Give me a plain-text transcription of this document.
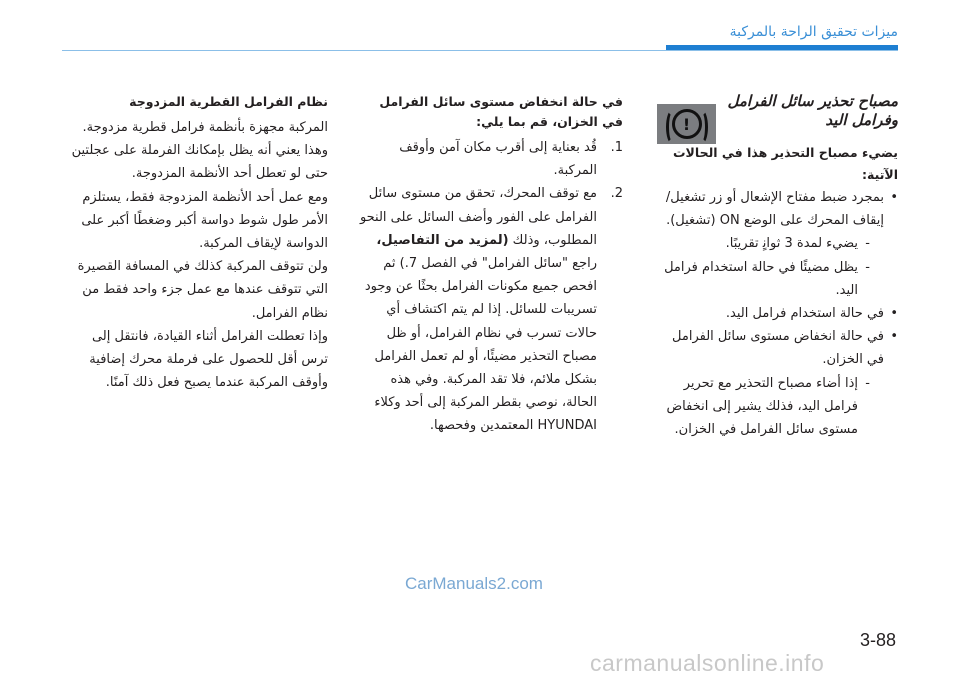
ﻣﻴﺰات ﺗﺤﻘﻴﻖ اﻟﺮاﺣﺔ ﺑﺎﻟﻤﺮﻛﺒﺔ

ﻣﺼﺒﺎح ﺗﺤﺬﻳﺮ ﺳﺎﺋﻞ اﻟﻔﺮاﻣﻞ وﻓﺮاﻣﻞ اﻟﻴﺪ

ﻳﻀﻲء ﻣﺼﺒﺎح اﻟﺘﺤﺬﻳﺮ ﻫﺬا ﻓﻲ اﻟﺤﺎﻻت

اﻵﺗﻴﺔ:

• ﺑﻤﺠﺮد ﺿﺒﻂ ﻣﻔﺘﺎح اﻹﺷﻌﺎل أو زر ﺗﺸﻐﻴﻞ/ إﻳﻘﺎف اﻟﻤﺤﺮك ﻋﻠﻰ اﻟﻮﺿﻊ ON (ﺗﺸﻐﻴﻞ).
- ﻳﻀﻲء ﻟﻤﺪة 3 ﺛﻮاﻧٍ ﺗﻘﺮﻳﺒًﺎ.
- ﻳﻈﻞ ﻣﻀﻴﺌًﺎ ﻓﻲ ﺣﺎﻟﺔ اﺳﺘﺨﺪام ﻓﺮاﻣﻞ اﻟﻴﺪ.
• ﻓﻲ ﺣﺎﻟﺔ اﺳﺘﺨﺪام ﻓﺮاﻣﻞ اﻟﻴﺪ.
• ﻓﻲ ﺣﺎﻟﺔ اﻧﺨﻔﺎض ﻣﺴﺘﻮى ﺳﺎﺋﻞ اﻟﻔﺮاﻣﻞ ﻓﻲ اﻟﺨﺰان.
- إذا أﺿﺎء ﻣﺼﺒﺎح اﻟﺘﺤﺬﻳﺮ ﻣﻊ ﺗﺤﺮﻳﺮ ﻓﺮاﻣﻞ اﻟﻴﺪ، ﻓﺬﻟﻚ ﻳﺸﻴﺮ إﻟﻰ اﻧﺨﻔﺎض ﻣﺴﺘﻮى ﺳﺎﺋﻞ اﻟﻔﺮاﻣﻞ ﻓﻲ اﻟﺨﺰان.
!

ﻓﻲ ﺣﺎﻟﺔ اﻧﺨﻔﺎض ﻣﺴﺘﻮى ﺳﺎﺋﻞ اﻟﻔﺮاﻣﻞ ﻓﻲ اﻟﺨﺰان، ﻗﻢ ﺑﻤﺎ ﻳﻠﻲ:

1.
ﻗُﺪ ﺑﻌﻨﺎﻳﺔ إﻟﻰ أﻗﺮب ﻣﻜﺎن آﻣﻦ وأوﻗﻒ اﻟﻤﺮﻛﺒﺔ.
2.
ﻣﻊ ﺗﻮﻗﻒ اﻟﻤﺤﺮك، ﺗﺤﻘﻖ ﻣﻦ ﻣﺴﺘﻮى ﺳﺎﺋﻞ اﻟﻔﺮاﻣﻞ ﻋﻠﻰ اﻟﻔﻮر وأﺿﻒ اﻟﺴﺎﺋﻞ ﻋﻠﻰ اﻟﻨﺤﻮ اﻟﻤﻄﻠﻮب، وذﻟﻚ (ﻟﻤﺰﻳﺪ ﻣﻦ اﻟﺘﻔﺎﺻﻴﻞ، راﺟﻊ "ﺳﺎﺋﻞ اﻟﻔﺮاﻣﻞ" ﻓﻲ اﻟﻔﺼﻞ 7.) ﺛﻢ اﻓﺤﺺ ﺟﻤﻴﻊ ﻣﻜﻮﻧﺎت اﻟﻔﺮاﻣﻞ ﺑﺤﺜًﺎ ﻋﻦ وﺟﻮد ﺗﺴﺮﻳﺒﺎت ﻟﻠﺴﺎﺋﻞ. إذا ﻟﻢ ﻳﺘﻢ اﻛﺘﺸﺎف أي ﺣﺎﻻت ﺗﺴﺮب ﻓﻲ ﻧﻈﺎم اﻟﻔﺮاﻣﻞ، أو ﻇﻞ ﻣﺼﺒﺎح اﻟﺘﺤﺬﻳﺮ ﻣﻀﻴﺌًﺎ، أو ﻟﻢ ﺗﻌﻤﻞ اﻟﻔﺮاﻣﻞ ﺑﺸﻜﻞ ﻣﻼﺋﻢ، ﻓﻼ ﺗﻘﺪ اﻟﻤﺮﻛﺒﺔ. وﻓﻲ ﻫﺬه اﻟﺤﺎﻟﺔ، ﻧﻮﺻﻲ ﺑﻘﻄﺮ اﻟﻤﺮﻛﺒﺔ إﻟﻰ أﺣﺪ وﻛﻼء HYUNDAI اﻟﻤﻌﺘﻤﺪﻳﻦ وﻓﺤﺼﻬﺎ.

ﻧﻈﺎم اﻟﻔﺮاﻣﻞ اﻟﻘﻄﺮﻳﺔ اﻟﻤﺰدوﺟﺔ

اﻟﻤﺮﻛﺒﺔ ﻣﺠﻬﺰة ﺑﺄﻧﻈﻤﺔ ﻓﺮاﻣﻞ ﻗﻄﺮﻳﺔ ﻣﺰدوﺟﺔ. وﻫﺬا ﻳﻌﻨﻲ أﻧﻪ ﻳﻈﻞ ﺑﺈﻣﻜﺎﻧﻚ اﻟﻔﺮﻣﻠﺔ ﻋﻠﻰ ﻋﺠﻠﺘﻴﻦ ﺣﺘﻰ ﻟﻮ ﺗﻌﻄﻞ أﺣﺪ اﻷﻧﻈﻤﺔ اﻟﻤﺰدوﺟﺔ.

وﻣﻊ ﻋﻤﻞ أﺣﺪ اﻷﻧﻈﻤﺔ اﻟﻤﺰدوﺟﺔ ﻓﻘﻂ، ﻳﺴﺘﻠﺰم اﻷﻣﺮ ﻃﻮل ﺷﻮط دواﺳﺔ أﻛﺒﺮ وﺿﻐﻄًﺎ أﻛﺒﺮ ﻋﻠﻰ اﻟﺪواﺳﺔ ﻹﻳﻘﺎف اﻟﻤﺮﻛﺒﺔ.

وﻟﻦ ﺗﺘﻮﻗﻒ اﻟﻤﺮﻛﺒﺔ ﻛﺬﻟﻚ ﻓﻲ اﻟﻤﺴﺎﻓﺔ اﻟﻘﺼﻴﺮة اﻟﺘﻲ ﺗﺘﻮﻗﻒ ﻋﻨﺪﻫﺎ ﻣﻊ ﻋﻤﻞ ﺟﺰء واﺣﺪ ﻓﻘﻂ ﻣﻦ ﻧﻈﺎم اﻟﻔﺮاﻣﻞ.

وإذا ﺗﻌﻄﻠﺖ اﻟﻔﺮاﻣﻞ أﺛﻨﺎء اﻟﻘﻴﺎدة، ﻓﺎﻧﺘﻘﻞ إﻟﻰ ﺗﺮس أﻗﻞ ﻟﻠﺤﺼﻮل ﻋﻠﻰ ﻓﺮﻣﻠﺔ ﻣﺤﺮك إﺿﺎﻓﻴﺔ وأوﻗﻒ اﻟﻤﺮﻛﺒﺔ ﻋﻨﺪﻣﺎ ﻳﺼﺒﺢ ﻓﻌﻞ ذﻟﻚ آﻣﻨًﺎ.

CarManuals2.com
3-88
carmanualsonline.info
